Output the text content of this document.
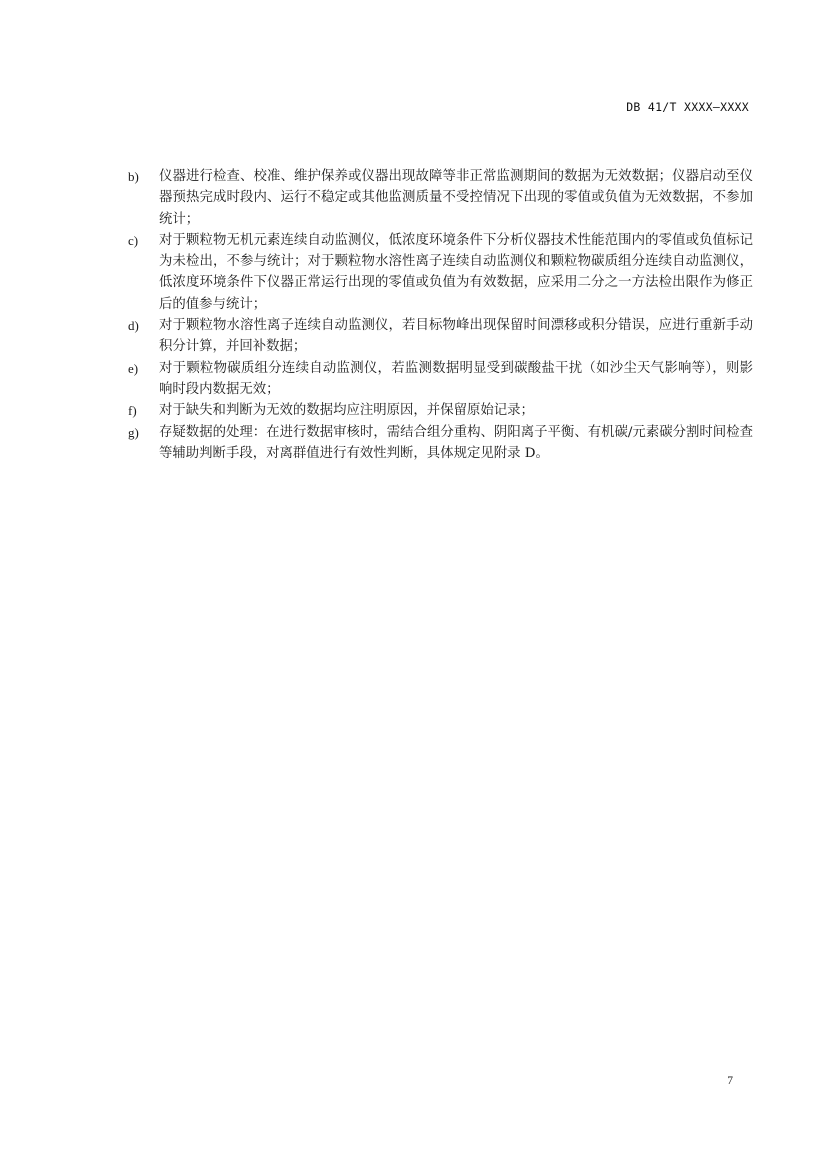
DB 41/T XXXX—XXXX
b)	仪器进行检查、校准、维护保养或仪器出现故障等非正常监测期间的数据为无效数据；仪器启动至仪器预热完成时段内、运行不稳定或其他监测质量不受控情况下出现的零值或负值为无效数据，不参加统计；
c)	对于颗粒物无机元素连续自动监测仪，低浓度环境条件下分析仪器技术性能范围内的零值或负值标记为未检出，不参与统计；对于颗粒物水溶性离子连续自动监测仪和颗粒物碳质组分连续自动监测仪，低浓度环境条件下仪器正常运行出现的零值或负值为有效数据，应采用二分之一方法检出限作为修正后的值参与统计；
d)	对于颗粒物水溶性离子连续自动监测仪，若目标物峰出现保留时间漂移或积分错误，应进行重新手动积分计算，并回补数据；
e)	对于颗粒物碳质组分连续自动监测仪，若监测数据明显受到碳酸盐干扰（如沙尘天气影响等），则影响时段内数据无效；
f)	对于缺失和判断为无效的数据均应注明原因，并保留原始记录；
g)	存疑数据的处理：在进行数据审核时，需结合组分重构、阴阳离子平衡、有机碳/元素碳分割时间检查等辅助判断手段，对离群值进行有效性判断，具体规定见附录 D。
7
